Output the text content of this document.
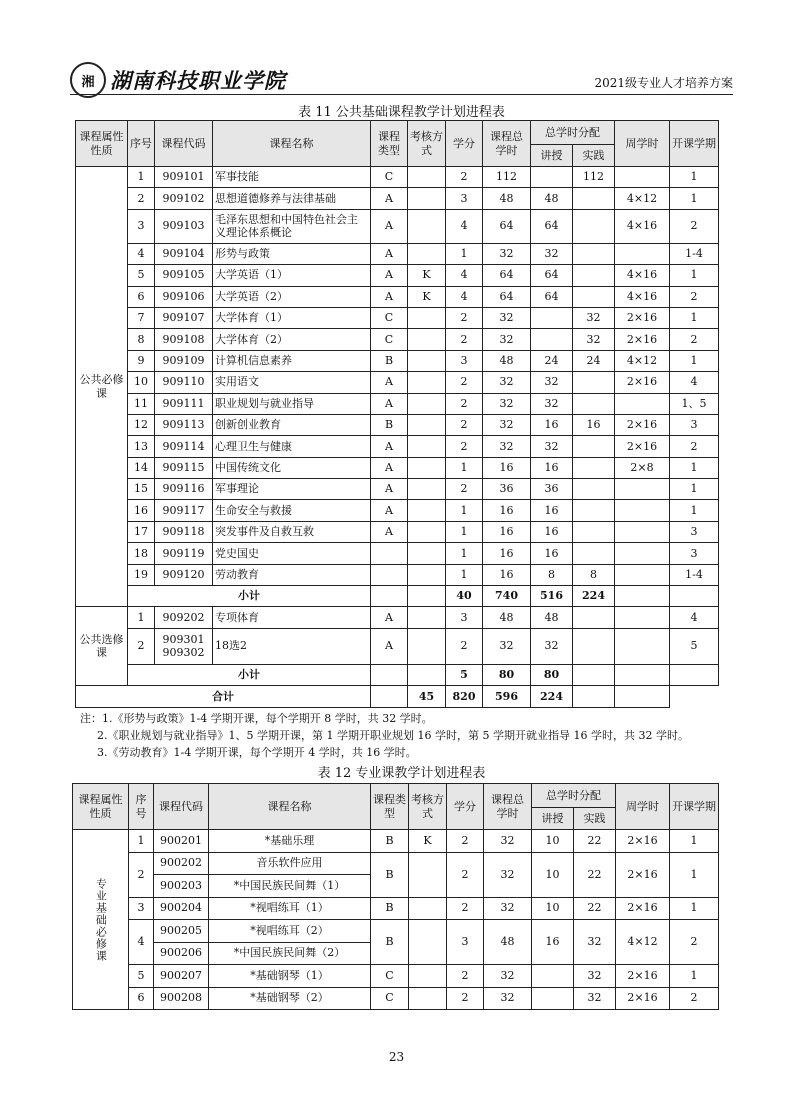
湘 湖南科技职业学院	2021级专业人才培养方案
表 11 公共基础课程教学计划进程表
课程属性性质	序号	课程代码	课程名称	课程类型	考核方式	学分	课程总学时	总学时分配		周学时	开课学期
								讲授	实践		
公共必修课	1	909101	军事技能	C		2	112		112		1
	2	909102	思想道德修养与法律基础	A		3	48	48		4×12	1
	3	909103	毛泽东思想和中国特色社会主义理论体系概论	A		4	64	64		4×16	2
	4	909104	形势与政策	A		1	32	32			1-4
	5	909105	大学英语（1）	A	K	4	64	64		4×16	1
	6	909106	大学英语（2）	A	K	4	64	64		4×16	2
	7	909107	大学体育（1）	C		2	32		32	2×16	1
	8	909108	大学体育（2）	C		2	32		32	2×16	2
	9	909109	计算机信息素养	B		3	48	24	24	4×12	1
	10	909110	实用语文	A		2	32	32		2×16	4
	11	909111	职业规划与就业指导	A		2	32	32			1、5
	12	909113	创新创业教育	B		2	32	16	16	2×16	3
	13	909114	心理卫生与健康	A		2	32	32		2×16	2
	14	909115	中国传统文化	A		1	16	16		2×8	1
	15	909116	军事理论	A		2	36	36			1
	16	909117	生命安全与救援	A		1	16	16			1
	17	909118	突发事件及自救互救	A		1	16	16			3
	18	909119	党史国史			1	16	16			3
	19	909120	劳动教育			1	16	8	8		1-4
	小计					40	740	516	224		
公共选修课	1	909202	专项体育	A		3	48	48			4
	2	909301
909302	18选2	A		2	32	32			5
	小计					5	80	80			
合计					45	820	596	224			
注：1.《形势与政策》1-4 学期开课，每个学期开 8 学时，共 32 学时。
2.《职业规划与就业指导》1、5 学期开课，第 1 学期开职业规划 16 学时，第 5 学期开就业指导 16 学时，共 32 学时。
3.《劳动教育》1-4 学期开课，每个学期开 4 学时，共 16 学时。
表 12 专业课教学计划进程表
课程属性性质	序号	课程代码	课程名称	课程类型	考核方式	学分	课程总学时	总学时分配		周学时	开课学期
								讲授	实践		

专业基础必修课	1	900201	*基础乐理	B	K	2	32	10	22	2×16	1
	2	900202	音乐软件应用	B		2	32	10	22	2×16	1
		900203	*中国民族民间舞（1）								
	3	900204	*视唱练耳（1）	B		2	32	10	22	2×16	1
	4	900205	*视唱练耳（2）	B		3	48	16	32	4×12	2
		900206	*中国民族民间舞（2）								
	5	900207	*基础钢琴（1）	C		2	32		32	2×16	1
	6	900208	*基础钢琴（2）	C		2	32		32	2×16	2
23
